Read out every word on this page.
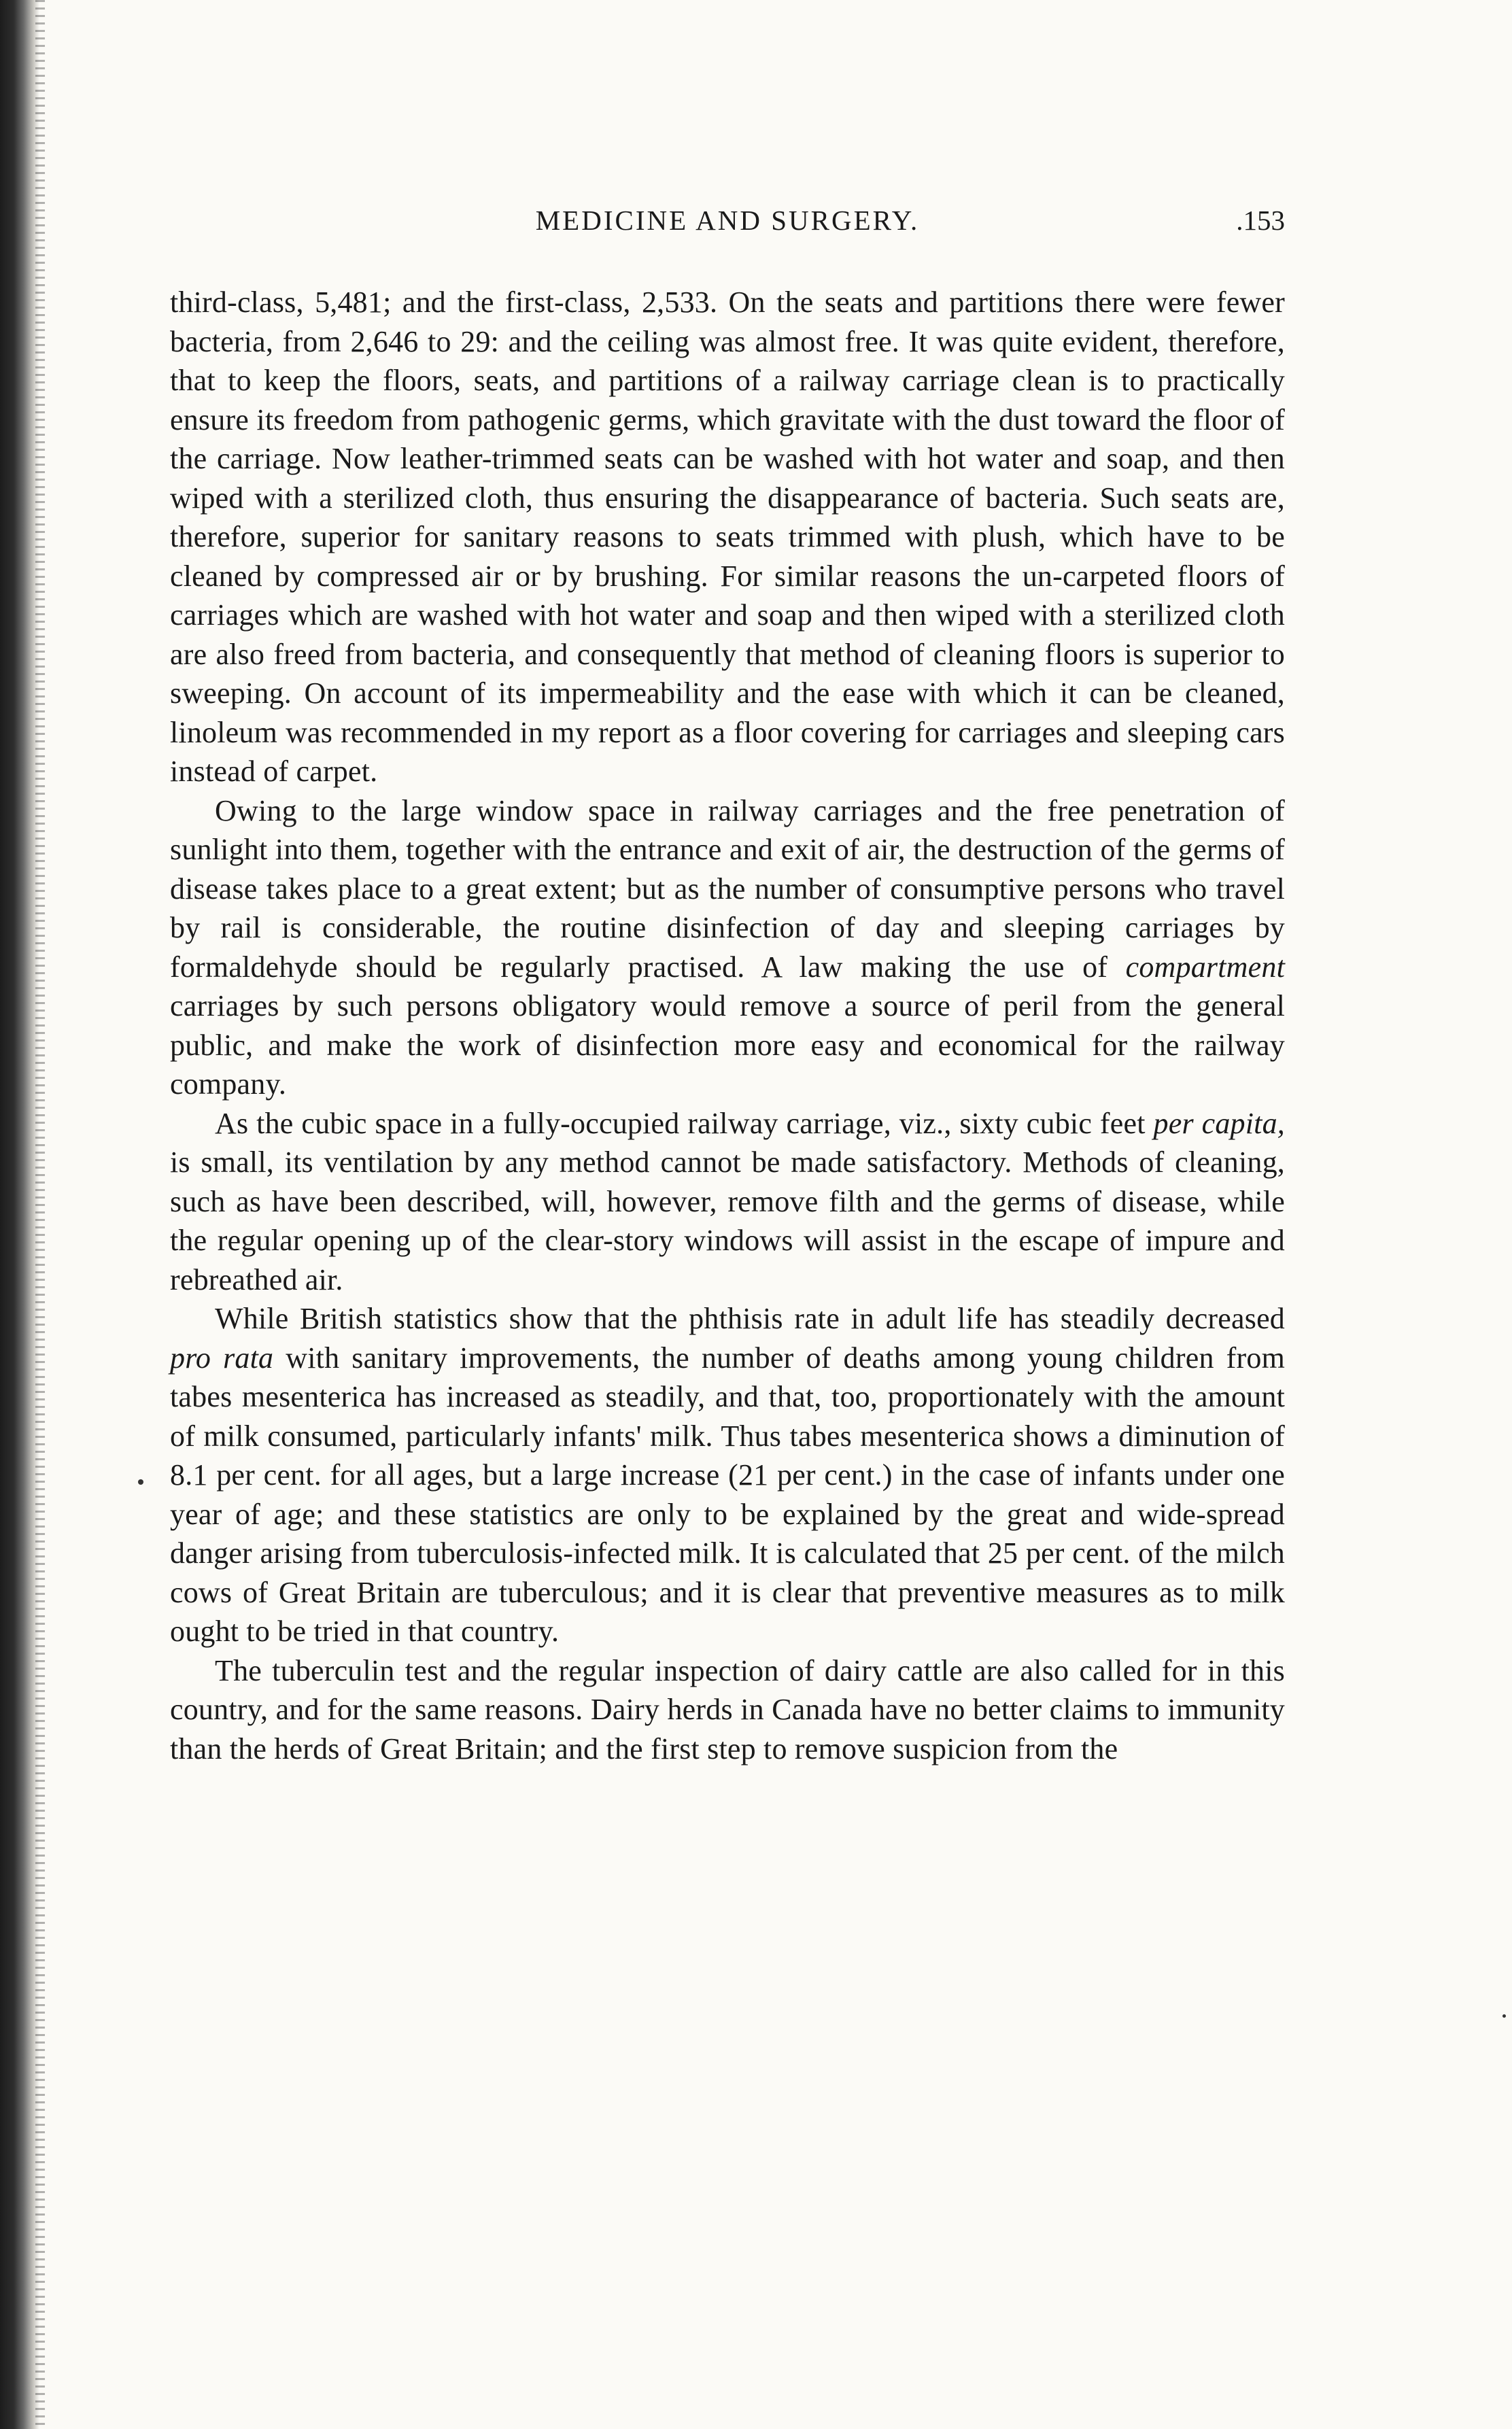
MEDICINE AND SURGERY.	.153

third-class, 5,481; and the first-class, 2,533. On the seats and partitions there were fewer bacteria, from 2,646 to 29: and the ceiling was almost free. It was quite evident, therefore, that to keep the floors, seats, and partitions of a railway carriage clean is to practically ensure its freedom from pathogenic germs, which gravitate with the dust toward the floor of the carriage. Now leather-trimmed seats can be washed with hot water and soap, and then wiped with a sterilized cloth, thus ensuring the disappearance of bacteria. Such seats are, therefore, superior for sanitary reasons to seats trimmed with plush, which have to be cleaned by compressed air or by brushing. For similar reasons the un-carpeted floors of carriages which are washed with hot water and soap and then wiped with a sterilized cloth are also freed from bacteria, and consequently that method of cleaning floors is superior to sweeping. On account of its impermeability and the ease with which it can be cleaned, linoleum was recommended in my report as a floor covering for carriages and sleeping cars instead of carpet.

Owing to the large window space in railway carriages and the free penetration of sunlight into them, together with the entrance and exit of air, the destruction of the germs of disease takes place to a great extent; but as the number of consumptive persons who travel by rail is considerable, the routine disinfection of day and sleeping carriages by formaldehyde should be regularly practised. A law making the use of compartment carriages by such persons obligatory would remove a source of peril from the general public, and make the work of disinfection more easy and economical for the railway company.

As the cubic space in a fully-occupied railway carriage, viz., sixty cubic feet per capita, is small, its ventilation by any method cannot be made satisfactory. Methods of cleaning, such as have been described, will, however, remove filth and the germs of disease, while the regular opening up of the clear-story windows will assist in the escape of impure and rebreathed air.

While British statistics show that the phthisis rate in adult life has steadily decreased pro rata with sanitary improvements, the number of deaths among young children from tabes mesenterica has increased as steadily, and that, too, proportionately with the amount of milk consumed, particularly infants' milk. Thus tabes mesenterica shows a diminution of 8.1 per cent. for all ages, but a large increase (21 per cent.) in the case of infants under one year of age; and these statistics are only to be explained by the great and wide-spread danger arising from tuberculosis-infected milk. It is calculated that 25 per cent. of the milch cows of Great Britain are tuberculous; and it is clear that preventive measures as to milk ought to be tried in that country.

The tuberculin test and the regular inspection of dairy cattle are also called for in this country, and for the same reasons. Dairy herds in Canada have no better claims to immunity than the herds of Great Britain; and the first step to remove suspicion from the
